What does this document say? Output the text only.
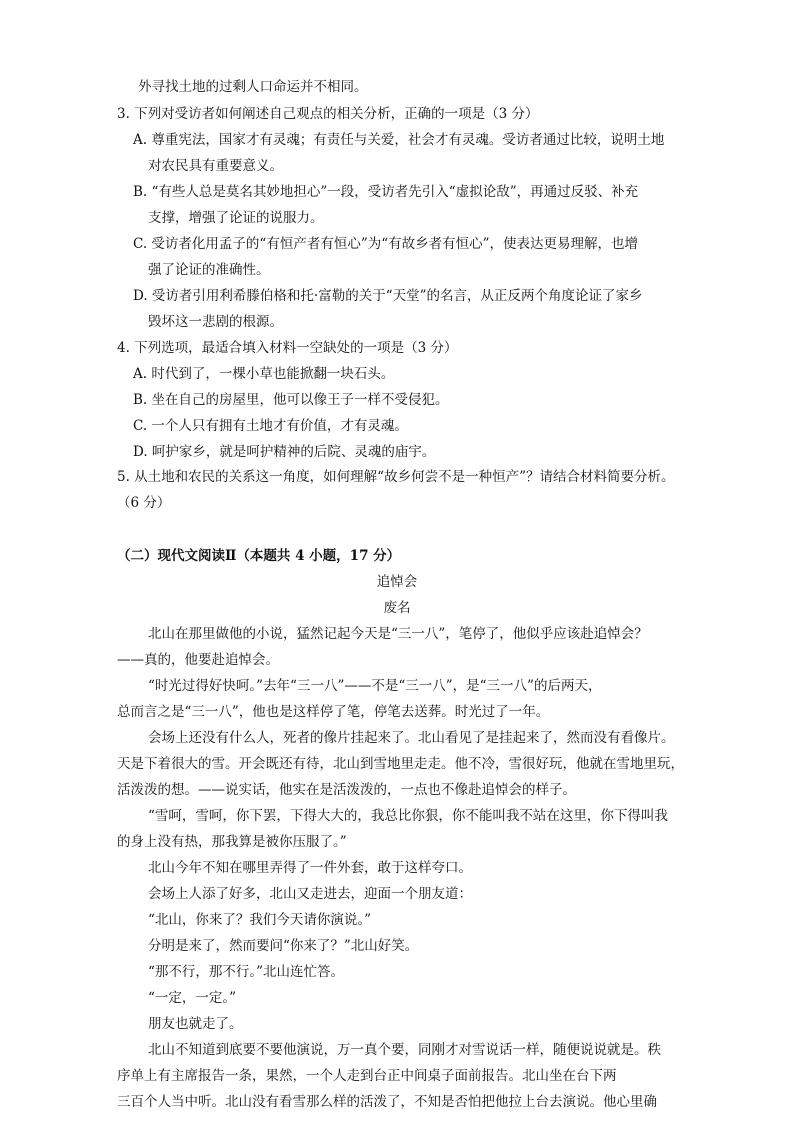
外寻找土地的过剩人口命运并不相同。
3. 下列对受访者如何阐述自己观点的相关分析，正确的一项是（3 分）
A. 尊重宪法，国家才有灵魂；有责任与关爱，社会才有灵魂。受访者通过比较，说明土地
对农民具有重要意义。
B. “有些人总是莫名其妙地担心”一段，受访者先引入“虚拟论敌”，再通过反驳、补充
支撑，增强了论证的说服力。
C. 受访者化用孟子的“有恒产者有恒心”为“有故乡者有恒心”，使表达更易理解，也增
强了论证的准确性。
D. 受访者引用利希滕伯格和托·富勒的关于“天堂”的名言，从正反两个角度论证了家乡
毁坏这一悲剧的根源。
4. 下列选项，最适合填入材料一空缺处的一项是（3 分）
A. 时代到了，一棵小草也能掀翻一块石头。
B. 坐在自己的房屋里，他可以像王子一样不受侵犯。
C. 一个人只有拥有土地才有价值，才有灵魂。
D. 呵护家乡，就是呵护精神的后院、灵魂的庙宇。
5. 从土地和农民的关系这一角度，如何理解“故乡何尝不是一种恒产”？请结合材料简要分析。
（6 分）
（二）现代文阅读Ⅱ（本题共 4 小题，17 分）
追悼会
废名
北山在那里做他的小说，猛然记起今天是“三一八”，笔停了，他似乎应该赴追悼会？
——真的，他要赴追悼会。
“时光过得好快呵。”去年“三一八”——不是“三一八”，是“三一八”的后两天，
总而言之是“三一八”，他也是这样停了笔，停笔去送葬。时光过了一年。
会场上还没有什么人，死者的像片挂起来了。北山看见了是挂起来了，然而没有看像片。
天是下着很大的雪。开会既还有待，北山到雪地里走走。他不冷，雪很好玩，他就在雪地里玩，
活泼泼的想。——说实话，他实在是活泼泼的，一点也不像赴追悼会的样子。
“雪呵，雪呵，你下罢，下得大大的，我总比你狠，你不能叫我不站在这里，你下得叫我
的身上没有热，那我算是被你压服了。”
北山今年不知在哪里弄得了一件外套，敢于这样夸口。
会场上人添了好多，北山又走进去，迎面一个朋友道：
“北山，你来了？我们今天请你演说。”
分明是来了，然而要问“你来了？”北山好笑。
“那不行，那不行。”北山连忙答。
“一定，一定。”
朋友也就走了。
北山不知道到底要不要他演说，万一真个要，同刚才对雪说话一样，随便说说就是。秩
序单上有主席报告一条，果然，一个人走到台正中间桌子面前报告。北山坐在台下两
三百个人当中听。北山没有看雪那么样的活泼了，不知是否怕把他拉上台去演说。他心里确
